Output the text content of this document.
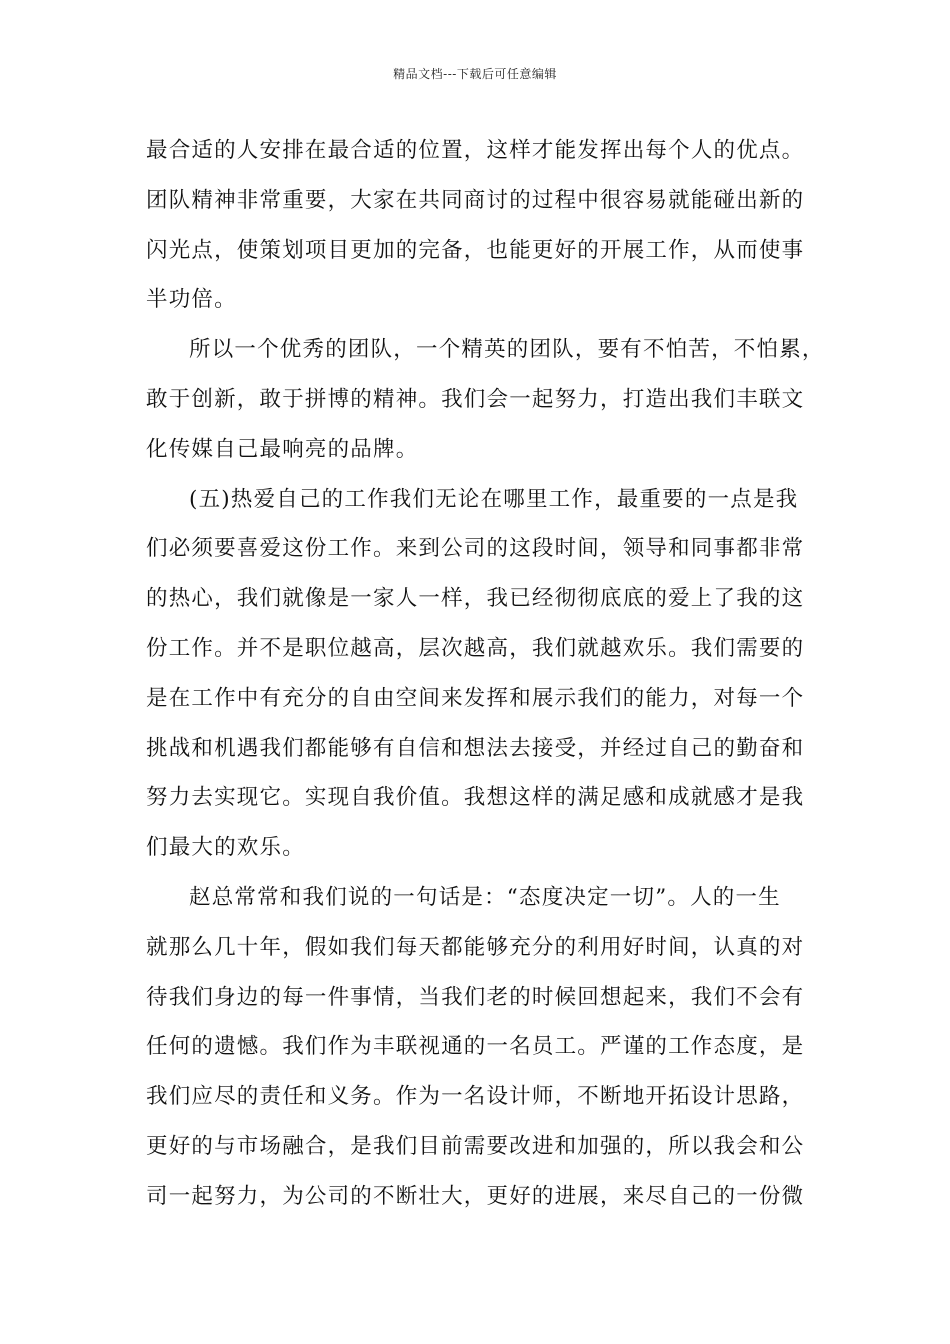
精品文档---下载后可任意编辑
最合适的人安排在最合适的位置，这样才能发挥出每个人的优点。
团队精神非常重要，大家在共同商讨的过程中很容易就能碰出新的
闪光点，使策划项目更加的完备，也能更好的开展工作，从而使事
半功倍。
所以一个优秀的团队，一个精英的团队，要有不怕苦，不怕累，
敢于创新，敢于拼博的精神。我们会一起努力，打造出我们丰联文
化传媒自己最响亮的品牌。
(五)热爱自己的工作我们无论在哪里工作，最重要的一点是我
们必须要喜爱这份工作。来到公司的这段时间，领导和同事都非常
的热心，我们就像是一家人一样，我已经彻彻底底的爱上了我的这
份工作。并不是职位越高，层次越高，我们就越欢乐。我们需要的
是在工作中有充分的自由空间来发挥和展示我们的能力，对每一个
挑战和机遇我们都能够有自信和想法去接受，并经过自己的勤奋和
努力去实现它。实现自我价值。我想这样的满足感和成就感才是我
们最大的欢乐。
赵总常常和我们说的一句话是：“态度决定一切”。人的一生
就那么几十年，假如我们每天都能够充分的利用好时间，认真的对
待我们身边的每一件事情，当我们老的时候回想起来，我们不会有
任何的遗憾。我们作为丰联视通的一名员工。严谨的工作态度，是
我们应尽的责任和义务。作为一名设计师，不断地开拓设计思路，
更好的与市场融合，是我们目前需要改进和加强的，所以我会和公
司一起努力，为公司的不断壮大，更好的进展，来尽自己的一份微
